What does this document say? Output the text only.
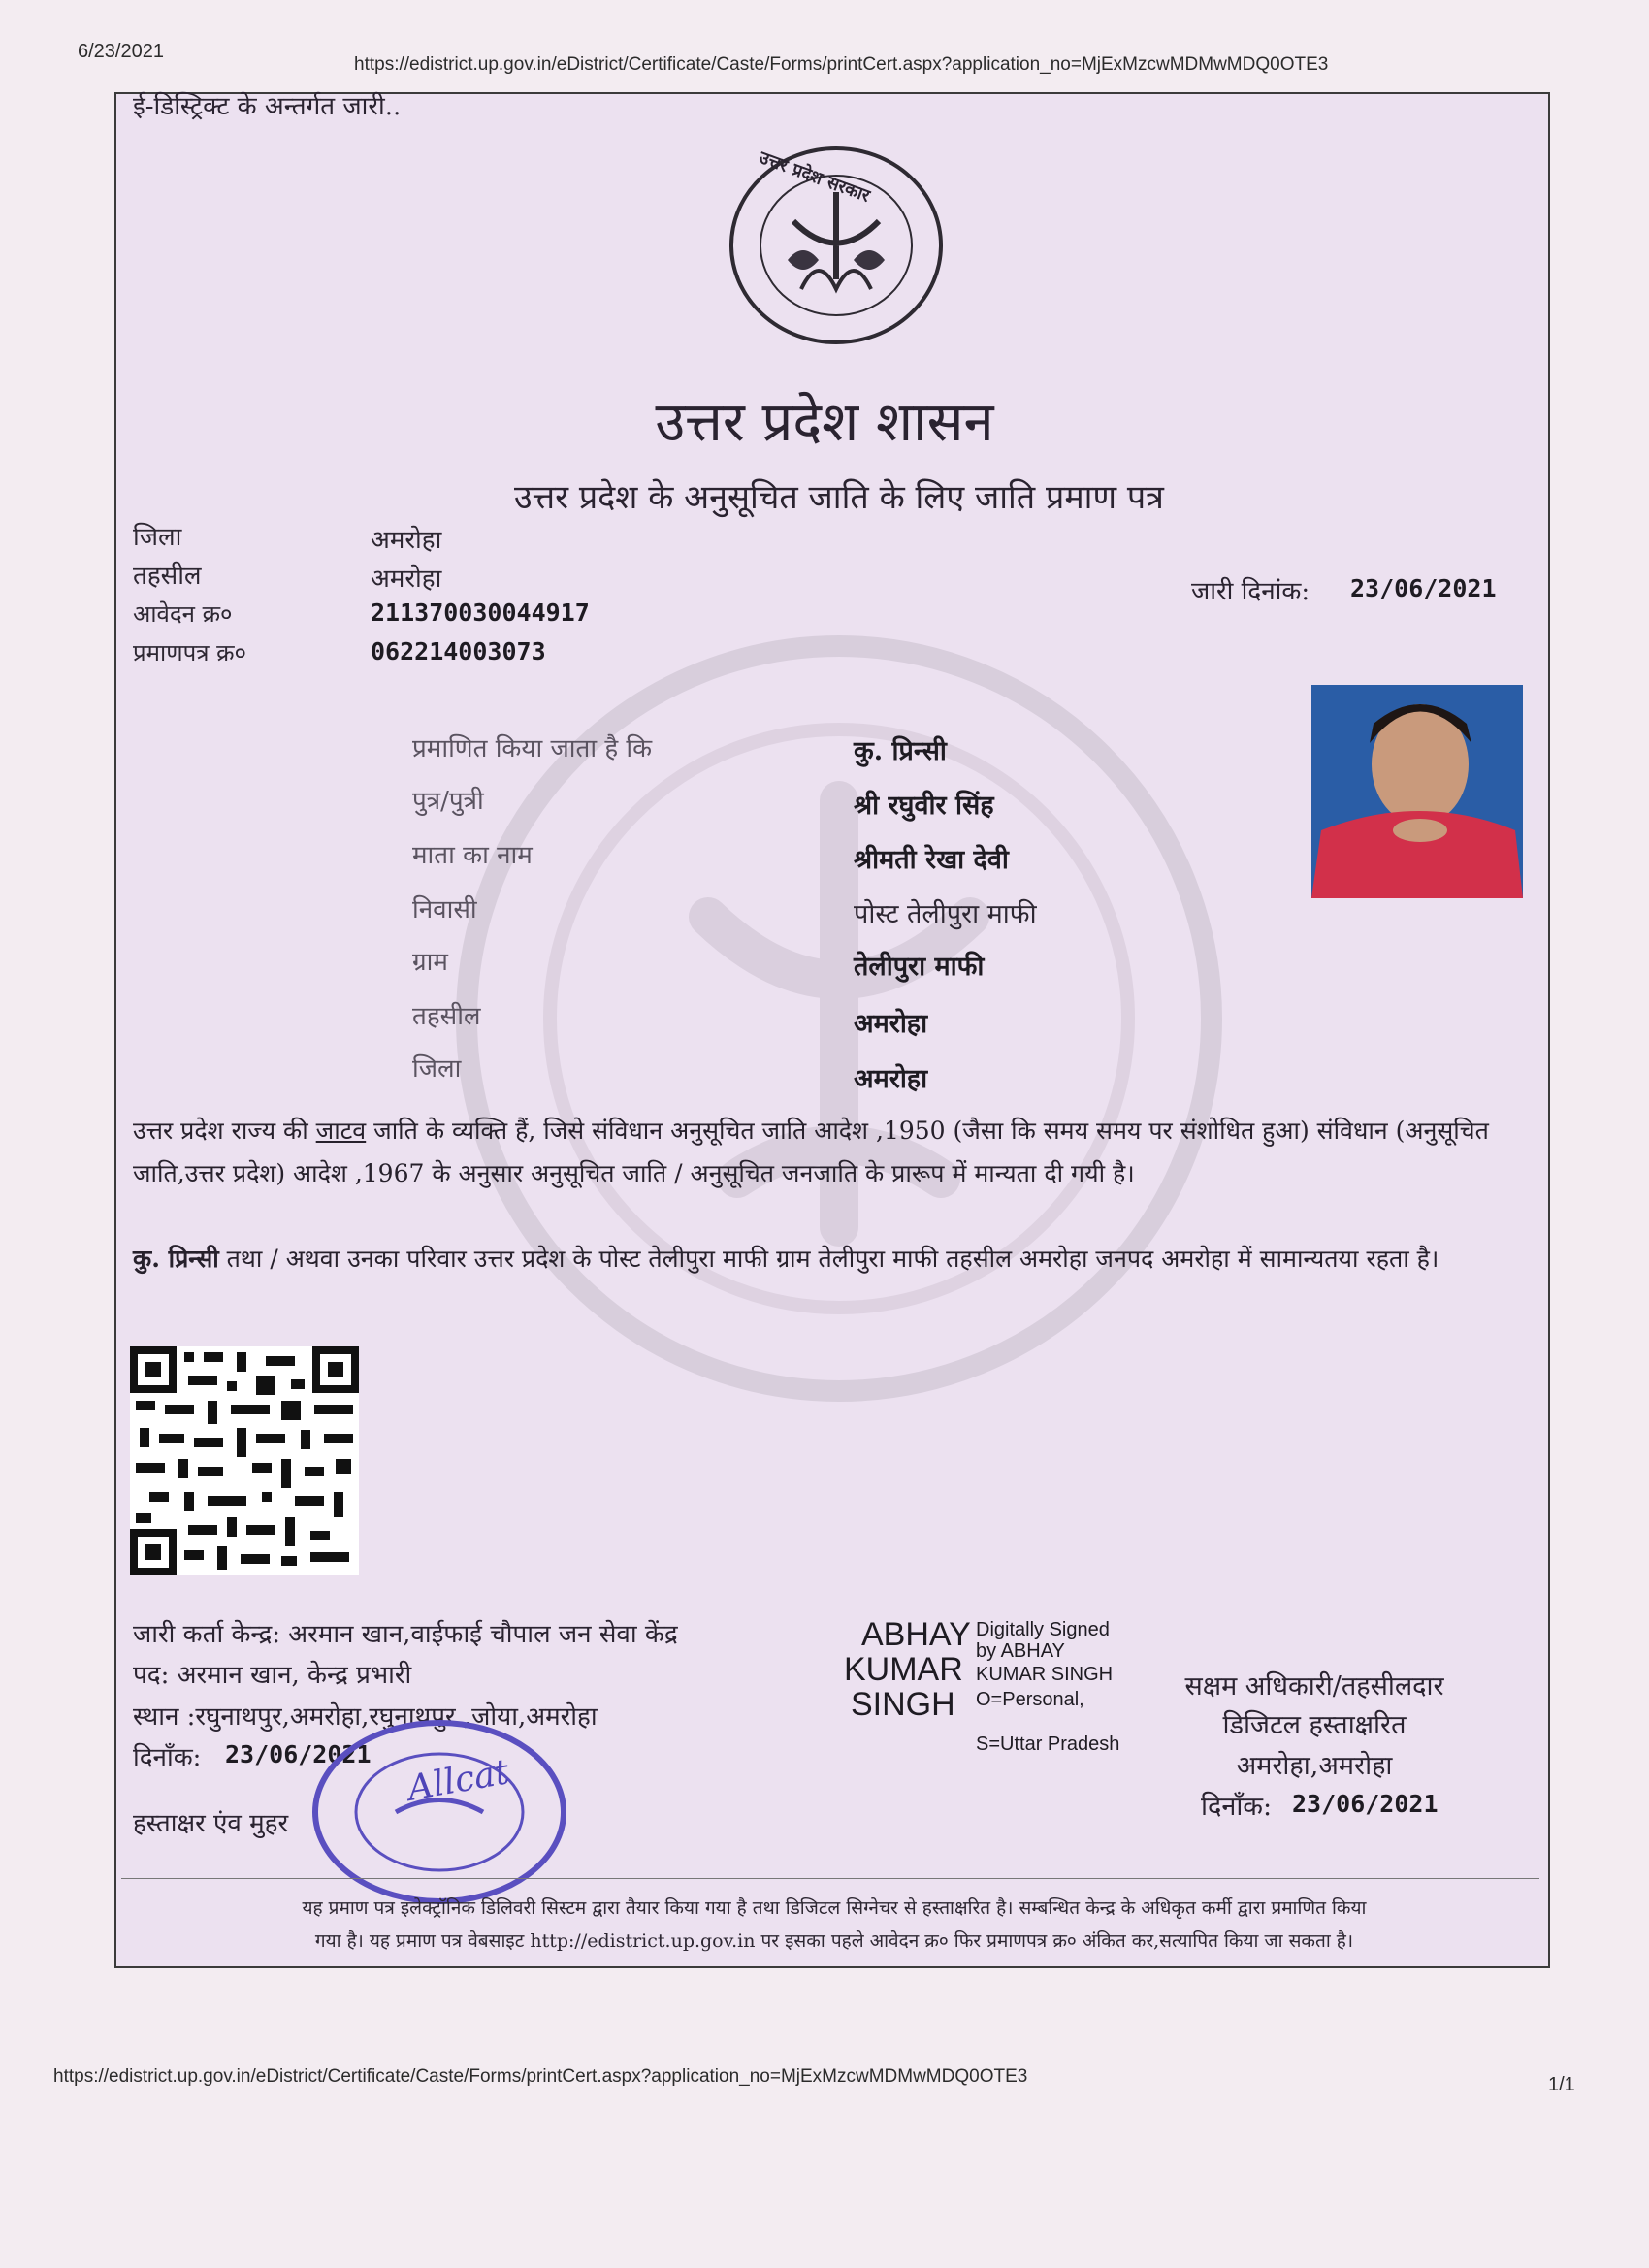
6/23/2021
https://edistrict.up.gov.in/eDistrict/Certificate/Caste/Forms/printCert.aspx?application_no=MjExMzcwMDMwMDQ0OTE3
ई-डिस्ट्रिक्ट के अन्तर्गत जारी..
उत्तर प्रदेश सरकार
उत्तर प्रदेश शासन
उत्तर प्रदेश के अनुसूचित जाति के लिए जाति प्रमाण पत्र
जिला	अमरोहा
तहसील	अमरोहा
आवेदन क्र०	211370030044917
प्रमाणपत्र क्र०	062214003073
जारी दिनांक: 23/06/2021
प्रमाणित किया जाता है कि	कु. प्रिन्सी
पुत्र/पुत्री	श्री रघुवीर सिंह
माता का नाम	श्रीमती रेखा देवी
निवासी	पोस्ट तेलीपुरा माफी
ग्राम	तेलीपुरा माफी
तहसील	अमरोहा
जिला	अमरोहा
उत्तर प्रदेश राज्य की जाटव जाति के व्यक्ति हैं, जिसे संविधान अनुसूचित जाति आदेश ,1950 (जैसा कि समय समय पर संशोधित हुआ) संविधान (अनुसूचित जाति,उत्तर प्रदेश) आदेश ,1967 के अनुसार अनुसूचित जाति / अनुसूचित जनजाति के प्रारूप में मान्यता दी गयी है।
कु. प्रिन्सी तथा / अथवा उनका परिवार उत्तर प्रदेश के पोस्ट तेलीपुरा माफी ग्राम तेलीपुरा माफी तहसील अमरोहा जनपद अमरोहा में सामान्यतया रहता है।
जारी कर्ता केन्द्र: अरमान खान,वाईफाई चौपाल जन सेवा केंद्र
पद: अरमान खान, केन्द्र प्रभारी
स्थान :रघुनाथपुर,अमरोहा,रघुनाथपुर ,जोया,अमरोहा
दिनाँक: 23/06/2021
हस्ताक्षर एंव मुहर
Allcat
ABHAY
KUMAR
SINGH
Digitally Signed
by ABHAY
KUMAR SINGH
O=Personal,
S=Uttar Pradesh
सक्षम अधिकारी/तहसीलदार
डिजिटल हस्ताक्षरित
अमरोहा,अमरोहा
दिनाँक: 23/06/2021
यह प्रमाण पत्र इलेक्ट्रॉनिक डिलिवरी सिस्टम द्वारा तैयार किया गया है तथा डिजिटल सिग्नेचर से हस्ताक्षरित है। सम्बन्धित केन्द्र के अधिकृत कर्मी द्वारा प्रमाणित किया
गया है। यह प्रमाण पत्र वेबसाइट http://edistrict.up.gov.in पर इसका पहले आवेदन क्र० फिर प्रमाणपत्र क्र० अंकित कर,सत्यापित किया जा सकता है।
https://edistrict.up.gov.in/eDistrict/Certificate/Caste/Forms/printCert.aspx?application_no=MjExMzcwMDMwMDQ0OTE3	1/1
